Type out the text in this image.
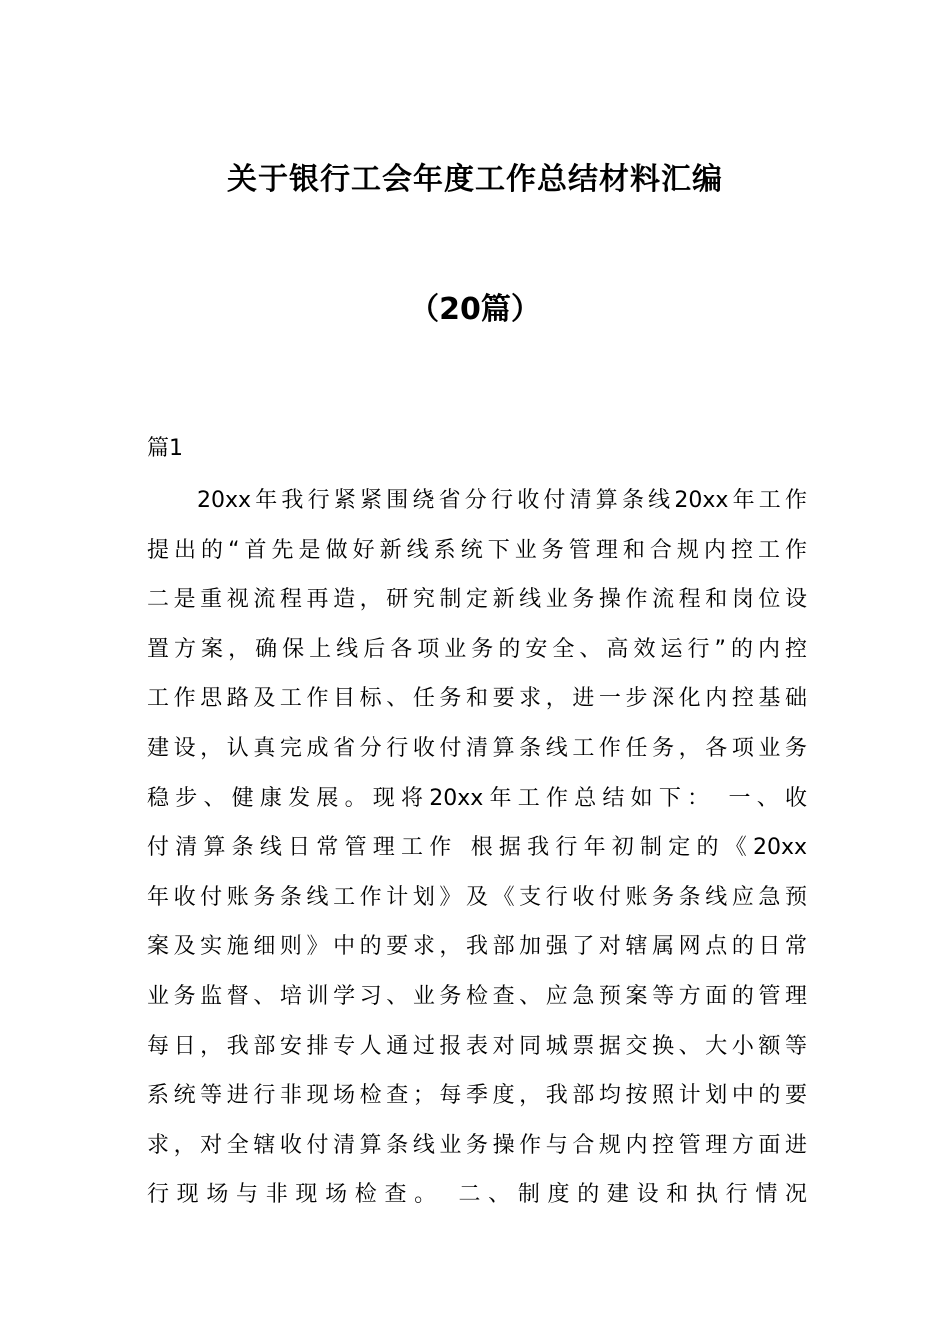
关于银行工会年度工作总结材料汇编
（20篇）
篇1
20xx年我行紧紧围绕省分行收付清算条线20xx年工作
提出的“首先是做好新线系统下业务管理和合规内控工作
二是重视流程再造，研究制定新线业务操作流程和岗位设
置方案，确保上线后各项业务的安全、高效运行”的内控
工作思路及工作目标、任务和要求，进一步深化内控基础
建设，认真完成省分行收付清算条线工作任务，各项业务
稳步、健康发展。现将20xx年工作总结如下： 一、收
付清算条线日常管理工作 根据我行年初制定的《20xx
年收付账务条线工作计划》及《支行收付账务条线应急预
案及实施细则》中的要求，我部加强了对辖属网点的日常
业务监督、培训学习、业务检查、应急预案等方面的管理
每日，我部安排专人通过报表对同城票据交换、大小额等
系统等进行非现场检查；每季度，我部均按照计划中的要
求，对全辖收付清算条线业务操作与合规内控管理方面进
行现场与非现场检查。 二、制度的建设和执行情况
